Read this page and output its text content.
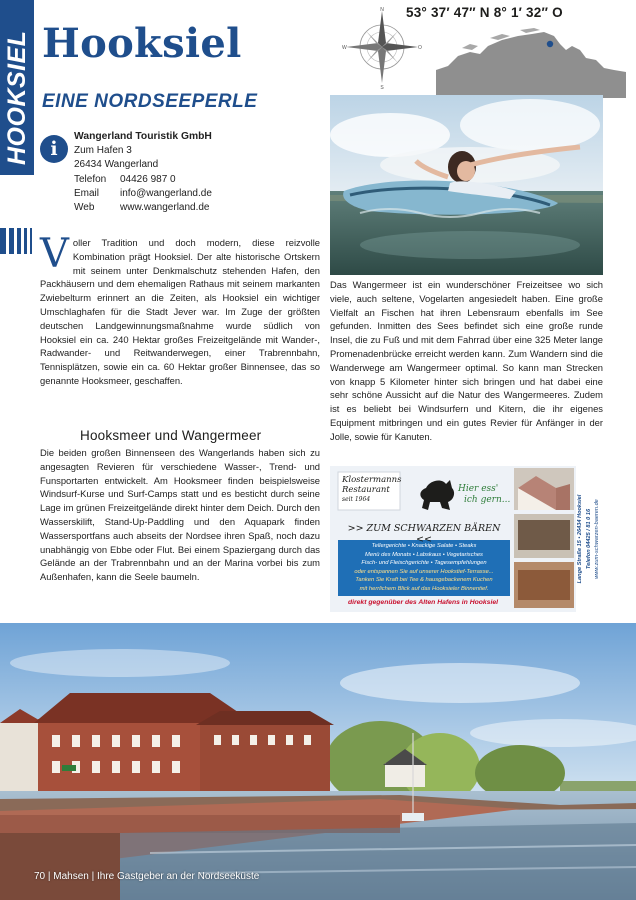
HOOKSIEL Hooksiel
EINE NORDSEEPERLE
N
S
W	O
53° 37′ 47″ N 8° 1′ 32″ O
i
Wangerland Touristik GmbH
Zum Hafen 3
26434 Wangerland
Telefon 04426 987 0
Email info@wangerland.de
Web	www.wangerland.de
V oller Tradition und doch modern, diese reizvolle Kombination prägt Hooksiel. Der alte historische Ortskern mit seinem unter Denkmalschutz stehenden Hafen, den Packhäusern und dem ehemaligen Rathaus mit seinem markanten Zwiebelturm erinnert an die Zeiten, als Hooksiel ein wichtiger Umschlaghafen für die Stadt Jever war. Im Zuge der größten deutschen Landgewinnungsmaßnahme wurde südlich von Hooksiel ein ca. 240 Hektar großes Freizeitgelände mit Wander-, Radwander- und Reitwanderwegen, einer Trabrennbahn, Tennisplätzen, sowie ein ca. 60 Hektar großer Binnensee, das so genannte Hooksmeer, geschaffen.
Hooksmeer und Wangermeer
Die beiden großen Binnenseen des Wangerlands haben sich zu angesagten Revieren für verschiedene Wasser-, Trend- und Funsportarten entwickelt. Am Hooksmeer finden beispielsweise Windsurf-Kurse und Surf-Camps statt und es besticht durch seine Lage im grünen Freizeitgelände direkt hinter dem Deich. Durch den Wasserskilift, Stand-Up-Paddling und den Aquapark finden Wassersportfans auch abseits der Nordsee ihren Spaß, noch dazu unabhängig von Ebbe oder Flut. Bei einem Spaziergang durch das Gelände an der Trabrennbahn und an der Marina vorbei bis zum Außenhafen, kann die Seele baumeln.
Das Wangermeer ist ein wunderschöner Freizeitsee wo sich viele, auch seltene, Vogelarten angesiedelt haben. Eine große Vielfalt an Fischen hat ihren Lebensraum ebenfalls im See gefunden. Inmitten des Sees befindet sich eine große runde Insel, die zu Fuß und mit dem Fahrrad über eine 325 Meter lange Promenadenbrücke erreicht werden kann. Zum Wandern sind die Wanderwege am Wangermeer optimal. So kann man Strecken von knapp 5 Kilometer hinter sich bringen und hat dabei eine sehr schöne Aussicht auf die Natur des Wangermeeres. Zudem ist es beliebt bei Windsurfern und Kitern, die ihr eigenes Equipment mitbringen und ein gutes Revier für Anfänger in der Jolle, sowie für Kanuten.
Klostermanns
Restaurant
seit 1964
Hier ess'
ich gern...
>> ZUM SCHWARZEN BÄREN <<
Tellergerichte • Knackige Salate • Steaks
Menü des Monats • Labskaus • Vegetarisches
Fisch- und Fleischgerichte • Tagesempfehlungen
oder entspannen Sie auf unserer Hookstief-Terrasse...
Tanken Sie Kraft bei Tee & hausgebackenem Kuchen
mit herrlichem Blick auf das Hooksieler Binnentief.
direkt gegenüber des Alten Hafens in Hooksiel
Lange Straße 15 • 26434 Hooksiel Telefon 04425 / 81 0 16 www.zum-schwarzen-baeren.de
70 | Mahsen | Ihre Gastgeber an der Nordseeküste
